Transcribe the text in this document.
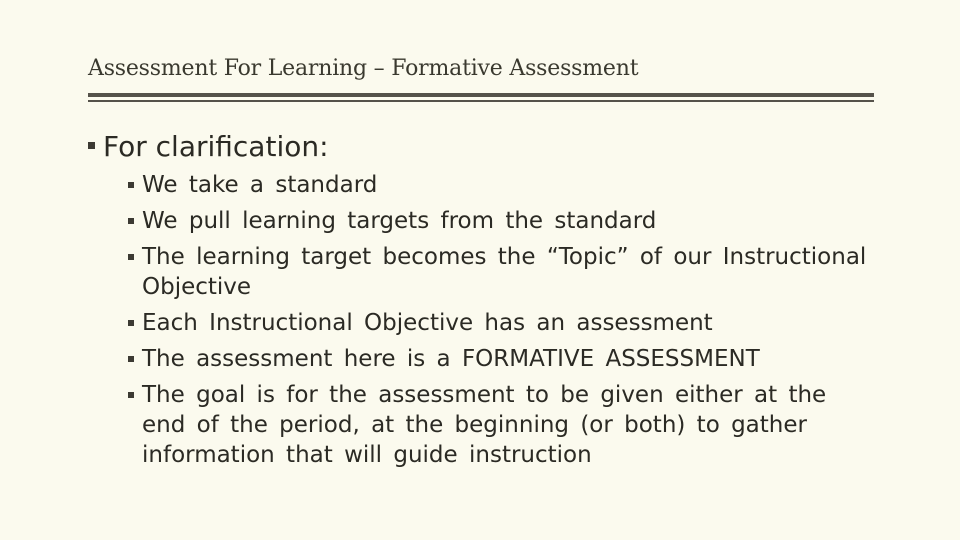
Assessment For Learning – Formative Assessment
For clarification:
We take a standard
We pull learning targets from the standard
The learning target becomes the “Topic” of our Instructional Objective
Each Instructional Objective has an assessment
The assessment here is a FORMATIVE ASSESSMENT
The goal is for the assessment to be given either at the end of the period, at the beginning (or both) to gather information that will guide instruction
